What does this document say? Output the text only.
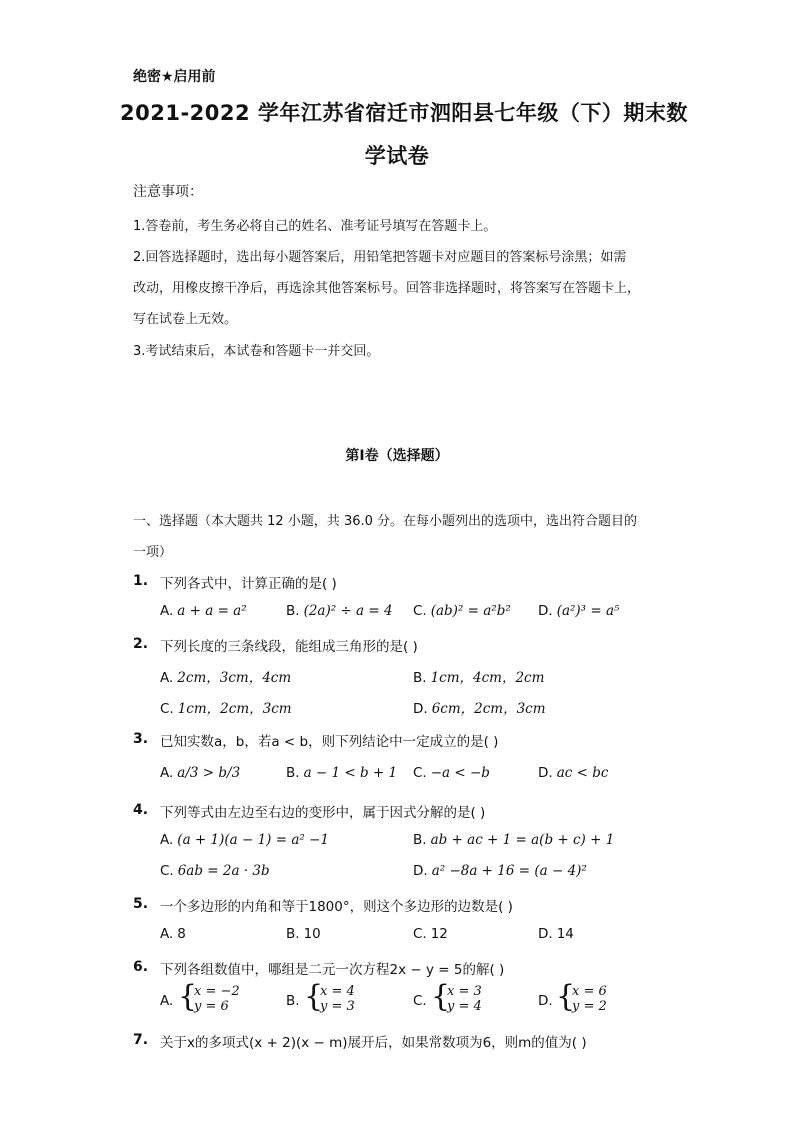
绝密★启用前
2021-2022 学年江苏省宿迁市泗阳县七年级（下）期末数
学试卷
注意事项：
1.答卷前，考生务必将自己的姓名、准考证号填写在答题卡上。
2.回答选择题时，选出每小题答案后，用铅笔把答题卡对应题目的答案标号涂黑；如需
改动，用橡皮擦干净后，再选涂其他答案标号。回答非选择题时，将答案写在答题卡上，
写在试卷上无效。
3.考试结束后，本试卷和答题卡一并交回。
第Ⅰ卷（选择题）
一、选择题（本大题共 12 小题，共 36.0 分。在每小题列出的选项中，选出符合题目的
一项）
1. 下列各式中，计算正确的是( )
A. a + a = a²	B. (2a)² ÷ a = 4 C. (ab)² = a²b² D. (a²)³ = a⁵
2. 下列长度的三条线段，能组成三角形的是( )
A. 2cm，3cm，4cm	B. 1cm，4cm，2cm
C. 1cm，2cm，3cm	D. 6cm，2cm，3cm
3. 已知实数a，b，若a < b，则下列结论中一定成立的是( )
A. a/3 > b/3	B. a − 1 < b + 1 C. −a < −b	D. ac < bc
4. 下列等式由左边至右边的变形中，属于因式分解的是( )
A. (a + 1)(a − 1) = a² −1	B. ab + ac + 1 = a(b + c) + 1
C. 6ab = 2a · 3b	D. a² −8a + 16 = (a − 4)²
5. 一个多边形的内角和等于1800°，则这个多边形的边数是( )
A. 8	B. 10	C. 12	D. 14
6. 下列各组数值中，哪组是二元一次方程2x − y = 5的解( )
A. {
x = −2
y = 6	B. {
x = 4
y = 3	C. {
x = 3
y = 4	D. {
x = 6
y = 2
7. 关于x的多项式(x + 2)(x − m)展开后，如果常数项为6，则m的值为( )
